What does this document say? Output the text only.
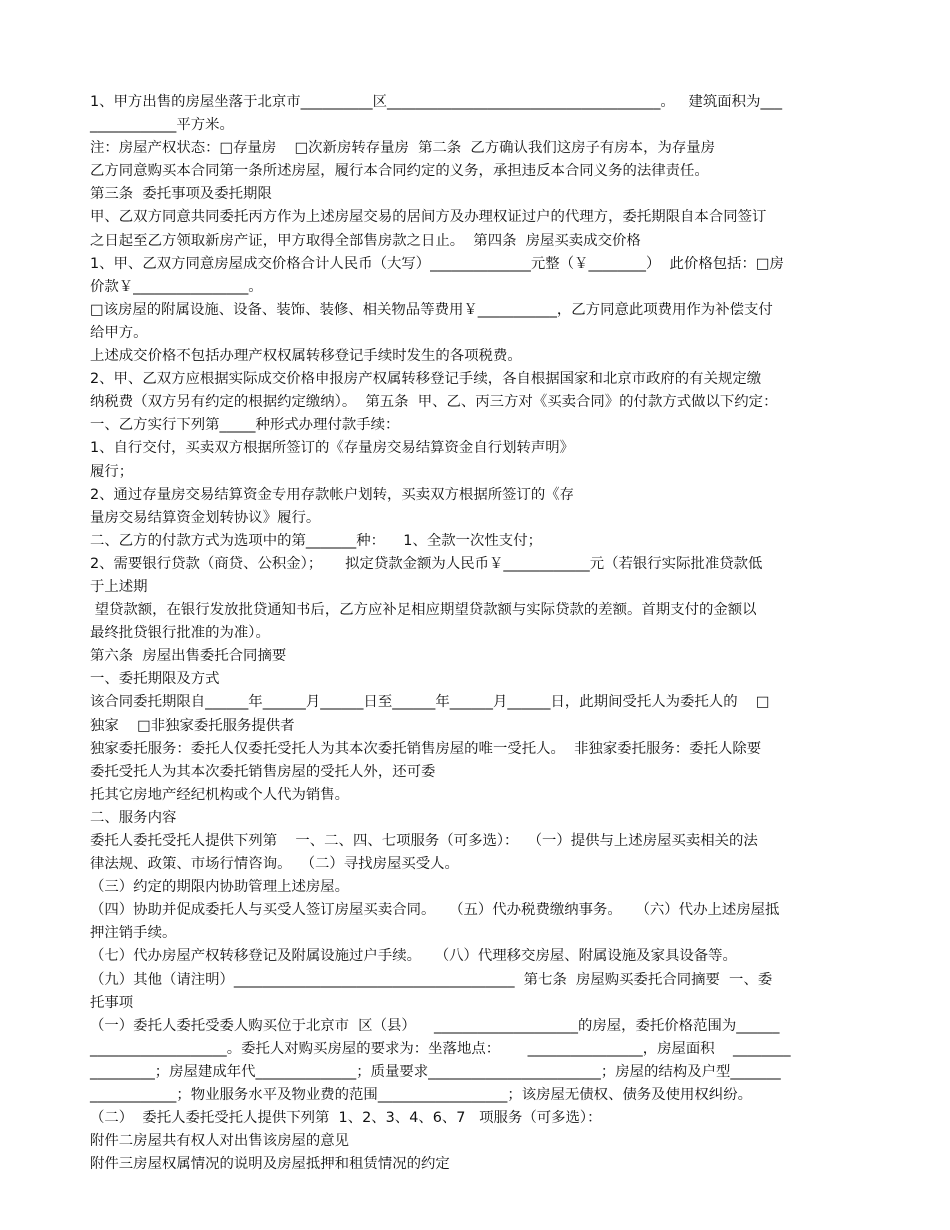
1、甲方出售的房屋坐落于北京市__________区______________________________________。   建筑面积为___
____________平方米。
注：房屋产权状态：□存量房    □次新房转存量房  第二条  乙方确认我们这房子有房本，为存量房
乙方同意购买本合同第一条所述房屋，履行本合同约定的义务，承担违反本合同义务的法律责任。
第三条  委托事项及委托期限
甲、乙双方同意共同委托丙方作为上述房屋交易的居间方及办理权证过户的代理方，委托期限自本合同签订
之日起至乙方领取新房产证，甲方取得全部售房款之日止。  第四条  房屋买卖成交价格
1、甲、乙双方同意房屋成交价格合计人民币（大写）______________元整（￥________）  此价格包括：□房
价款￥________________。
□该房屋的附属设施、设备、装饰、装修、相关物品等费用￥___________，乙方同意此项费用作为补偿支付
给甲方。
上述成交价格不包括办理产权权属转移登记手续时发生的各项税费。
2、甲、乙双方应根据实际成交价格申报房产权属转移登记手续，各自根据国家和北京市政府的有关规定缴
纳税费（双方另有约定的根据约定缴纳）。  第五条  甲、乙、丙三方对《买卖合同》的付款方式做以下约定：
一、乙方实行下列第_____种形式办理付款手续：
1、自行交付，买卖双方根据所签订的《存量房交易结算资金自行划转声明》
履行；
2、通过存量房交易结算资金专用存款帐户划转，买卖双方根据所签订的《存
量房交易结算资金划转协议》履行。
二、乙方的付款方式为选项中的第_______种：    1、全款一次性支付；
2、需要银行贷款（商贷、公积金）；     拟定贷款金额为人民币￥____________元（若银行实际批准贷款低
于上述期
望贷款额，在银行发放批贷通知书后，乙方应补足相应期望贷款额与实际贷款的差额。首期支付的金额以
最终批贷银行批准的为准）。
第六条  房屋出售委托合同摘要
一、委托期限及方式
该合同委托期限自______年______月______日至______年______月______日，此期间受托人为委托人的    □
独家    □非独家委托服务提供者
独家委托服务：委托人仅委托受托人为其本次委托销售房屋的唯一受托人。  非独家委托服务：委托人除要
委托受托人为其本次委托销售房屋的受托人外，还可委
托其它房地产经纪机构或个人代为销售。
二、服务内容
委托人委托受托人提供下列第    一、二、四、七项服务（可多选）：  （一）提供与上述房屋买卖相关的法
律法规、政策、市场行情咨询。  （二）寻找房屋买受人。
（三）约定的期限内协助管理上述房屋。
（四）协助并促成委托人与买受人签订房屋买卖合同。   （五）代办税费缴纳事务。   （六）代办上述房屋抵
押注销手续。
（七）代办房屋产权转移登记及附属设施过户手续。   （八）代理移交房屋、附属设施及家具设备等。
（九）其他（请注明）_______________________________________  第七条  房屋购买委托合同摘要  一、委
托事项
（一）委托人委托受委人购买位于北京市  区（县）    ____________________的房屋，委托价格范围为______
___________________。委托人对购买房屋的要求为：坐落地点：      ________________，房屋面积    ________
_________；房屋建成年代______________；质量要求________________________；房屋的结构及户型_______
____________；物业服务水平及物业费的范围__________________；该房屋无债权、债务及使用权纠纷。
（二）  委托人委托受托人提供下列第  1、2、3、4、6、7   项服务（可多选）：
附件二房屋共有权人对出售该房屋的意见
附件三房屋权属情况的说明及房屋抵押和租赁情况的约定
